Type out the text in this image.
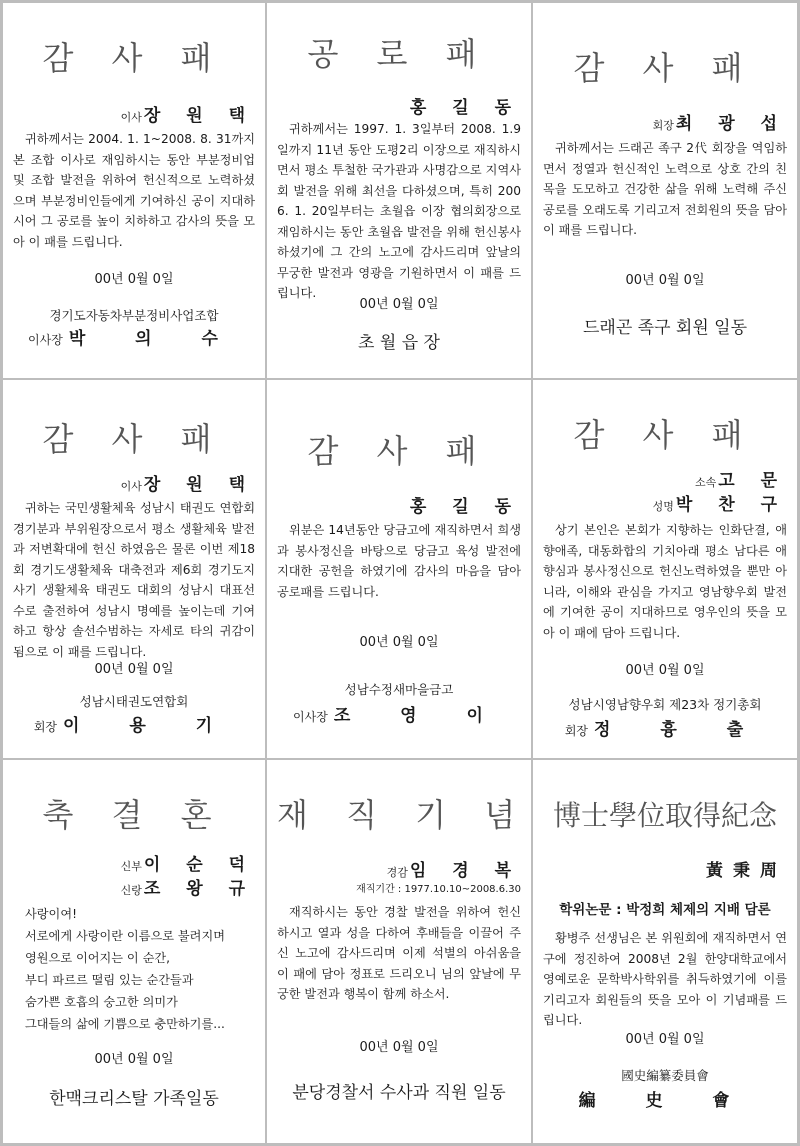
감 사 패

이사 장 원 택

귀하께서는 2004. 1. 1~2008. 8. 31까지 본 조합 이사로 재임하시는 동안 부분정비업 및 조합 발전을 위하여 헌신적으로 노력하셨으며 부분정비인들에게 기여하신 공이 지대하시어 그 공로를 높이 치하하고 감사의 뜻을 모아 이 패를 드립니다.

00년 0월 0일

경기도자동차부분정비사업조합

이사장 박 의 수

공 로 패

홍 길 동

귀하께서는 1997. 1. 3일부터 2008. 1.9일까지 11년 동안 도평2리 이장으로 재직하시면서 평소 투철한 국가관과 사명감으로 지역사회 발전을 위해 최선을 다하셨으며, 특히 2006. 1. 20일부터는 초월읍 이장 협의회장으로 재임하시는 동안 초월읍 발전을 위해 헌신봉사 하셨기에 그 간의 노고에 감사드리며 앞날의 무궁한 발전과 영광을 기원하면서 이 패를 드립니다.

00년 0월 0일

초 월 읍 장

감 사 패

회장 최 광 섭

귀하께서는 드래곤 족구 2代 회장을 역임하면서 정열과 헌신적인 노력으로 상호 간의 친목을 도모하고 건강한 삶을 위해 노력해 주신 공로를 오래도록 기리고저 전회원의 뜻을 담아 이 패를 드립니다.

00년 0월 0일

드래곤 족구 회원 일동

감 사 패

이사 장 원 택

귀하는 국민생활체육 성남시 태권도 연합회 경기분과 부위원장으로서 평소 생활체육 발전과 저변확대에 헌신 하였음은 물론 이번 제18회 경기도생활체육 대축전과 제6회 경기도지사기 생활체육 태권도 대회의 성남시 대표선수로 출전하여 성남시 명예를 높이는데 기여하고 항상 솔선수범하는 자세로 타의 귀감이 됨으로 이 패를 드립니다.

00년 0월 0일

성남시태권도연합회

회장 이 용 기

감 사 패

홍 길 동

위분은 14년동안 당금고에 재직하면서 희생과 봉사정신을 바탕으로 당금고 육성 발전에 지대한 공헌을 하였기에 감사의 마음을 담아 공로패를 드립니다.

00년 0월 0일

성남수정새마을금고

이사장 조 영 이

감 사 패

소속 고 문

성명 박 찬 구

상기 본인은 본회가 지향하는 인화단결, 애향애족, 대동화합의 기치아래 평소 남다른 애향심과 봉사정신으로 헌신노력하였을 뿐만 아니라, 이해와 관심을 가지고 영남향우회 발전에 기여한 공이 지대하므로 영우인의 뜻을 모아 이 패에 담아 드립니다.

00년 0월 0일

성남시영남향우회 제23차 정기총회

회장 정 흉 출

축 결 혼

신부 이 순 덕

신랑 조 왕 규

사랑이여!

서로에게 사랑이란 이름으로 불려지며

영원으로 이어지는 이 순간,

부디 파르르 떨림 있는 순간들과

숨가쁜 호흡의 숭고한 의미가

그대들의 삶에 기쁨으로 충만하기를...

00년 0월 0일

한맥크리스탈 가족일동

재 직 기 념

경감 임 경 복

재직기간 : 1977.10.10~2008.6.30

재직하시는 동안 경찰 발전을 위하여 헌신 하시고 열과 성을 다하여 후배들을 이끌어 주신 노고에 감사드리며 이제 석별의 아쉬움을 이 패에 담아 정표로 드리오니 님의 앞날에 무궁한 발전과 행복이 함께 하소서.

00년 0월 0일

분당경찰서 수사과 직원 일동

博士學位取得紀念

黃秉周

학위논문 : 박정희 체제의 지배 담론

황병주 선생님은 본 위원회에 재직하면서 연구에 정진하여 2008년 2월 한양대학교에서 영예로운 문학박사학위를 취득하였기에 이를 기리고자 회원들의 뜻을 모아 이 기념패를 드립니다.

00년 0월 0일

國史編纂委員會

編 史 會
